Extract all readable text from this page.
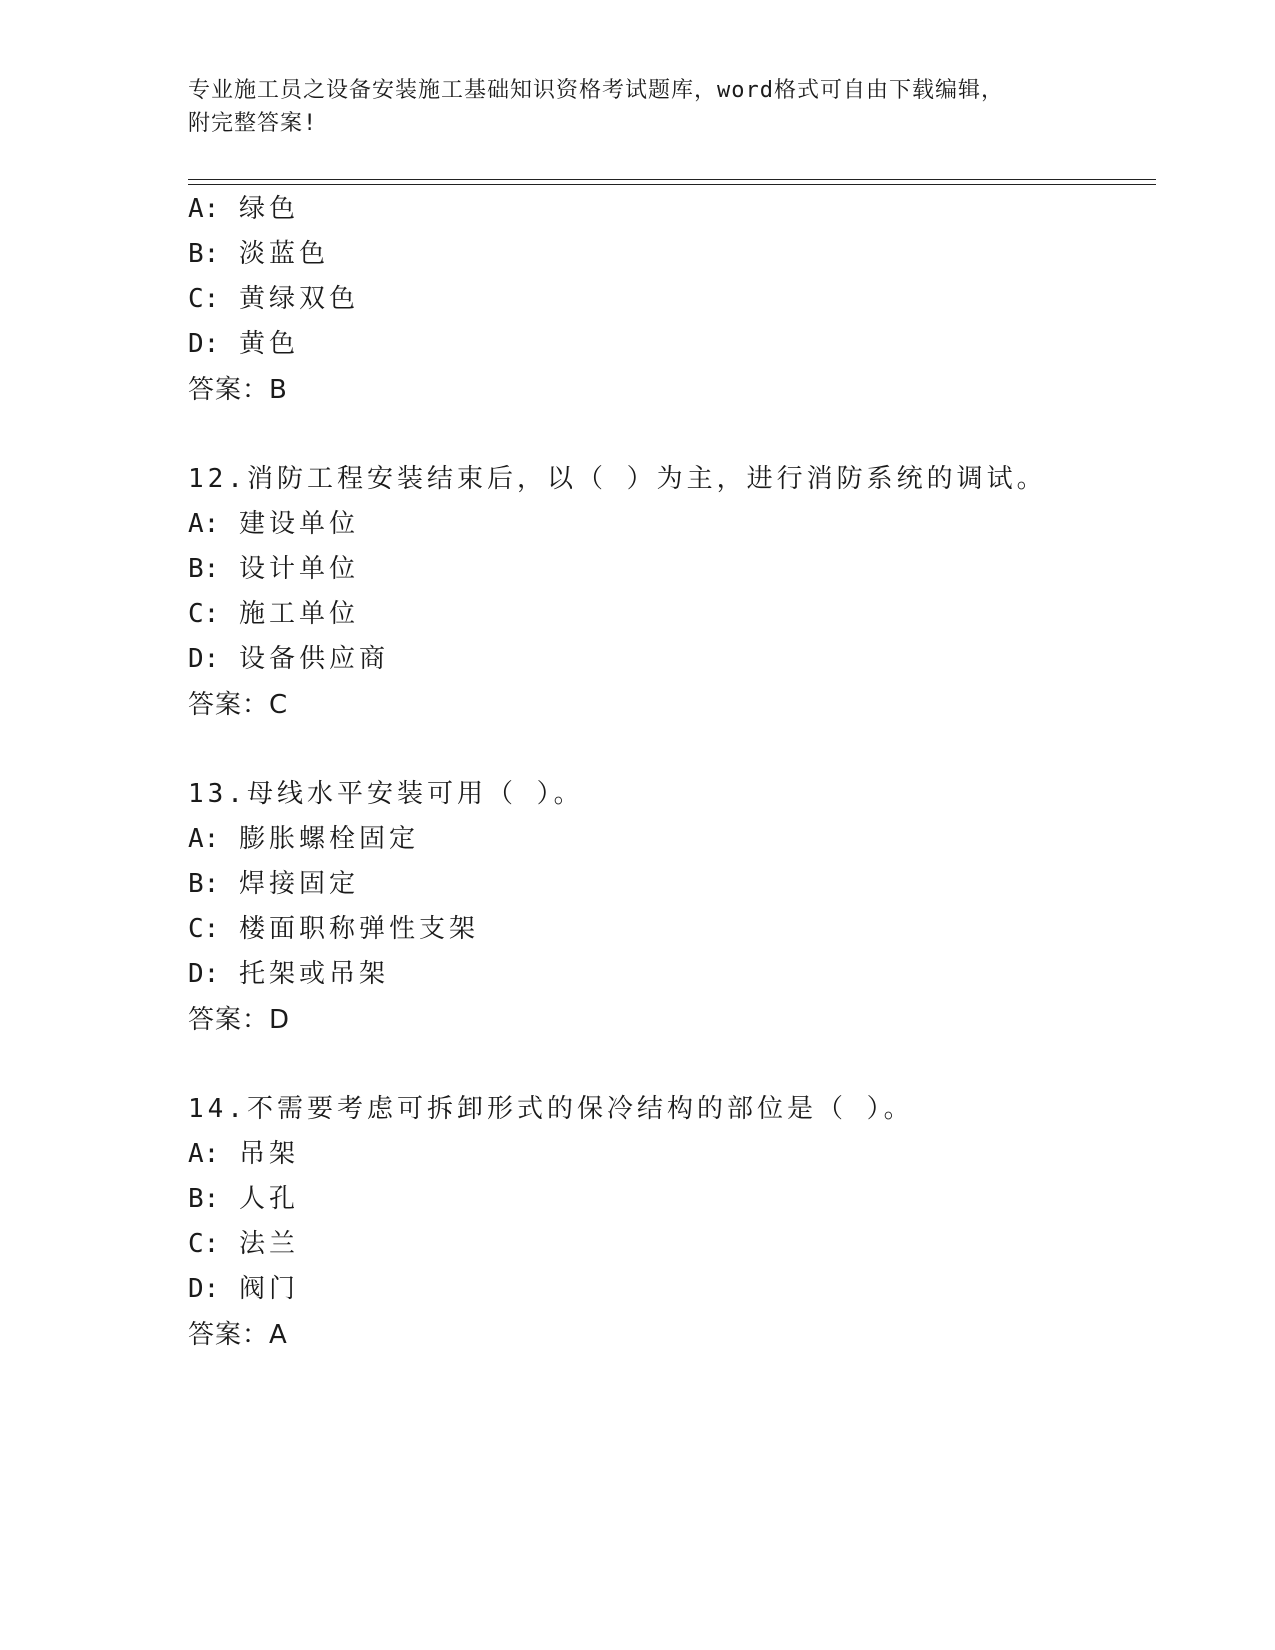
专业施工员之设备安装施工基础知识资格考试题库，word格式可自由下载编辑，
附完整答案!
A: 绿色
B: 淡蓝色
C: 黄绿双色
D: 黄色
答案：B
12.消防工程安装结束后，以（ ）为主，进行消防系统的调试。
A: 建设单位
B: 设计单位
C: 施工单位
D: 设备供应商
答案：C
13.母线水平安装可用（ ）。
A: 膨胀螺栓固定
B: 焊接固定
C: 楼面职称弹性支架
D: 托架或吊架
答案：D
14.不需要考虑可拆卸形式的保冷结构的部位是（ ）。
A: 吊架
B: 人孔
C: 法兰
D: 阀门
答案：A
